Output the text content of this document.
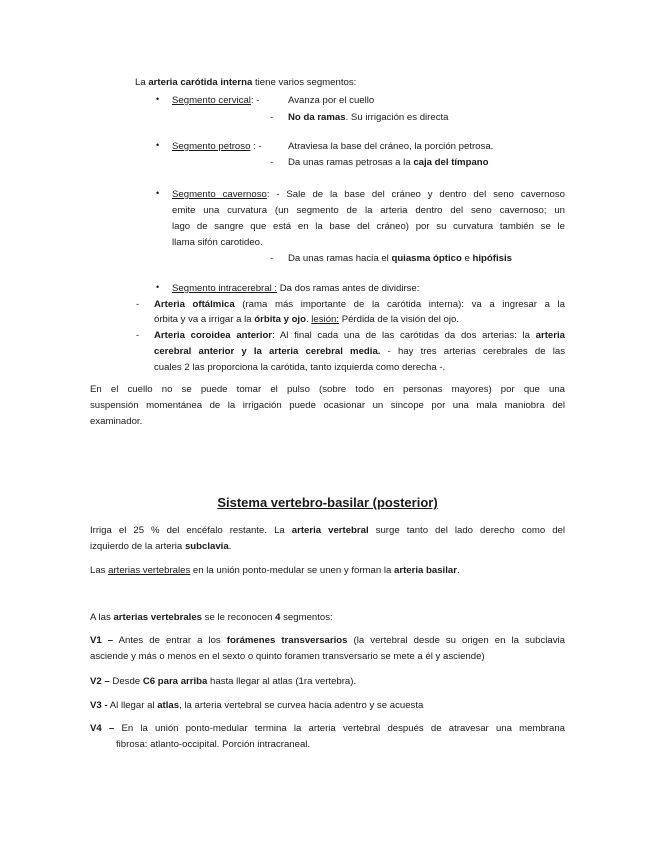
La arteria carótida interna tiene varios segmentos:
• Segmento cervical: -	Avanza por el cuello
- No da ramas. Su irrigación es directa
• Segmento petroso : -	Atraviesa la base del cráneo, la porción petrosa.
- Da unas ramas petrosas a la caja del tímpano
• Segmento cavernoso: - Sale de la base del cráneo y dentro del seno cavernoso
emite una curvatura (un segmento de la arteria dentro del seno cavernoso; un
lago de sangre que está en la base del cráneo) por su curvatura también se le
llama sifón carotideo.
- Da unas ramas hacia el quiasma óptico e hipófisis
• Segmento intracerebral : Da dos ramas antes de dividirse:
- Arteria oftálmica (rama más importante de la carótida interna): va a ingresar a la
órbita y va a irrigar a la órbita y ojo. lesión: Pérdida de la visión del ojo.
- Arteria coroidea anterior: Al final cada una de las carótidas da dos arterias: la arteria
cerebral anterior y la arteria cerebral media. - hay tres arterias cerebrales de las
cuales 2 las proporciona la carótida, tanto izquierda como derecha -.
En el cuello no se puede tomar el pulso (sobre todo en personas mayores) por que una
suspensión momentánea de la irrigación puede ocasionar un sincope por una mala maniobra del
examinador.
Sistema vertebro-basilar (posterior)
Irriga el 25 % del encéfalo restante. La arteria vertebral surge tanto del lado derecho como del
izquierdo de la arteria subclavia.
Las arterias vertebrales en la unión ponto-medular se unen y forman la arteria basilar.
A las arterias vertebrales se le reconocen 4 segmentos:
V1 – Antes de entrar a los forámenes transversarios (la vertebral desde su origen en la subclavia
asciende y más o menos en el sexto o quinto foramen transversario se mete a él y asciende)
V2 – Desde C6 para arriba hasta llegar al atlas (1ra vertebra).
V3 - Al llegar al atlas, la arteria vertebral se curvea hacia adentro y se acuesta
V4 – En la unión ponto-medular termina la arteria vertebral después de atravesar una membrana
fibrosa: atlanto-occipital. Porción intracraneal.
